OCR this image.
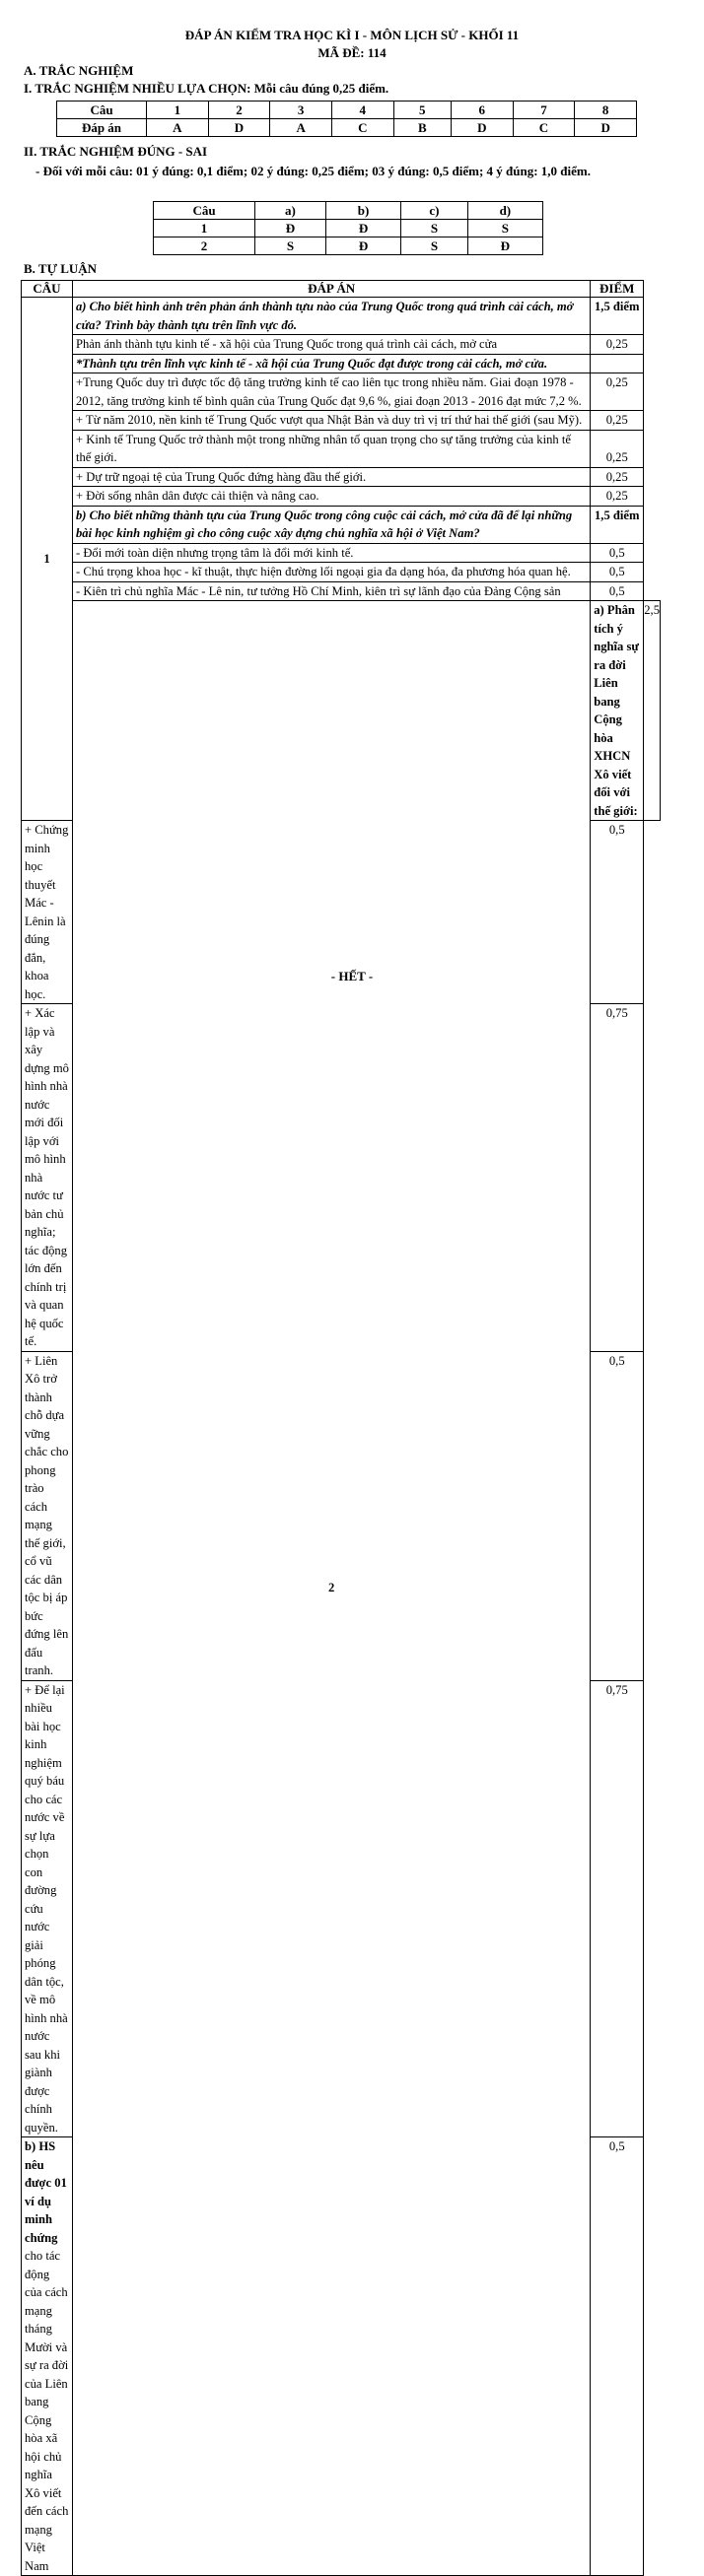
ĐÁP ÁN KIỂM TRA HỌC KÌ I - MÔN LỊCH SỬ - KHỐI 11
MÃ ĐỀ: 114
A. TRẮC NGHIỆM
I. TRẮC NGHIỆM NHIỀU LỰA CHỌN: Mỗi câu đúng 0,25 điểm.
Câu	1	2	3	4	5	6	7	8
Đáp án	A	D	A	C	B	D	C	D
II. TRẮC NGHIỆM ĐÚNG - SAI
- Đối với mỗi câu: 01 ý đúng: 0,1 điểm; 02 ý đúng: 0,25 điểm; 03 ý đúng: 0,5 điểm; 4 ý đúng: 1,0 điểm.
Câu	a)	b)	c)	d)
1	Đ	Đ	S	S
2	S	Đ	S	Đ
B. TỰ LUẬN
CÂU	ĐÁP ÁN	ĐIỂM	
1	a) Cho biết hình ảnh trên phản ánh thành tựu nào của Trung Quốc trong quá trình cải cách, mở cửa? Trình bày thành tựu trên lĩnh vực đó.	1,5 điểm	
	Phản ánh thành tựu kinh tế - xã hội của Trung Quốc trong quá trình cải cách, mở cửa	0,25	
	*Thành tựu trên lĩnh vực kinh tế - xã hội của Trung Quốc đạt được trong cải cách, mở cửa.		
	+Trung Quốc duy trì được tốc độ tăng trưởng kinh tế cao liên tục trong nhiều năm. Giai đoạn 1978 - 2012, tăng trưởng kinh tế bình quân của Trung Quốc đạt 9,6 %, giai đoạn 2013 - 2016 đạt mức 7,2 %.	0,25	
	+ Từ năm 2010, nền kinh tế Trung Quốc vượt qua Nhật Bản và duy trì vị trí thứ hai thế giới (sau Mỹ).	0,25	
	+ Kinh tế Trung Quốc trở thành một trong những nhân tố quan trọng cho sự tăng trưởng của kinh tế thế giới.	0,25	
	+ Dự trữ ngoại tệ của Trung Quốc đứng hàng đầu thế giới.	0,25	
	+ Đời sống nhân dân được cải thiện và nâng cao.	0,25	
	b) Cho biết những thành tựu của Trung Quốc trong công cuộc cải cách, mở cửa đã để lại những bài học kinh nghiệm gì cho công cuộc xây dựng chủ nghĩa xã hội ở Việt Nam?	1,5 điểm	
	- Đổi mới toàn diện nhưng trọng tâm là đổi mới kinh tế.	0,5	
	- Chú trọng khoa học - kĩ thuật, thực hiện đường lối ngoại gia đa dạng hóa, đa phương hóa quan hệ.	0,5	
	- Kiên trì chủ nghĩa Mác - Lê nin, tư tưởng Hồ Chí Minh, kiên trì sự lãnh đạo của Đảng Cộng sản	0,5	
	2	a) Phân tích ý nghĩa sự ra đời Liên bang Cộng hòa XHCN Xô viết đối với thế giới:	2,5
+ Chứng minh học thuyết Mác - Lênin là đúng đắn, khoa học.		0,5	
+ Xác lập và xây dựng mô hình nhà nước mới đối lập với mô hình nhà nước tư bản chủ nghĩa; tác động lớn đến chính trị và quan hệ quốc tế.		0,75	
+ Liên Xô trở thành chỗ dựa vững chắc cho phong trào cách mạng thế giới, cổ vũ các dân tộc bị áp bức đứng lên đấu tranh.		0,5	
+ Để lại nhiều bài học kinh nghiệm quý báu cho các nước về sự lựa chọn con đường cứu nước giải phóng dân tộc, về mô hình nhà nước sau khi giành được chính quyền.		0,75	
b) HS nêu được 01 ví dụ minh chứng cho tác động của cách mạng tháng Mười và sự ra đời của Liên bang Cộng hòa xã hội chủ nghĩa Xô viết đến cách mạng Việt Nam		0,5	
- HẾT -
